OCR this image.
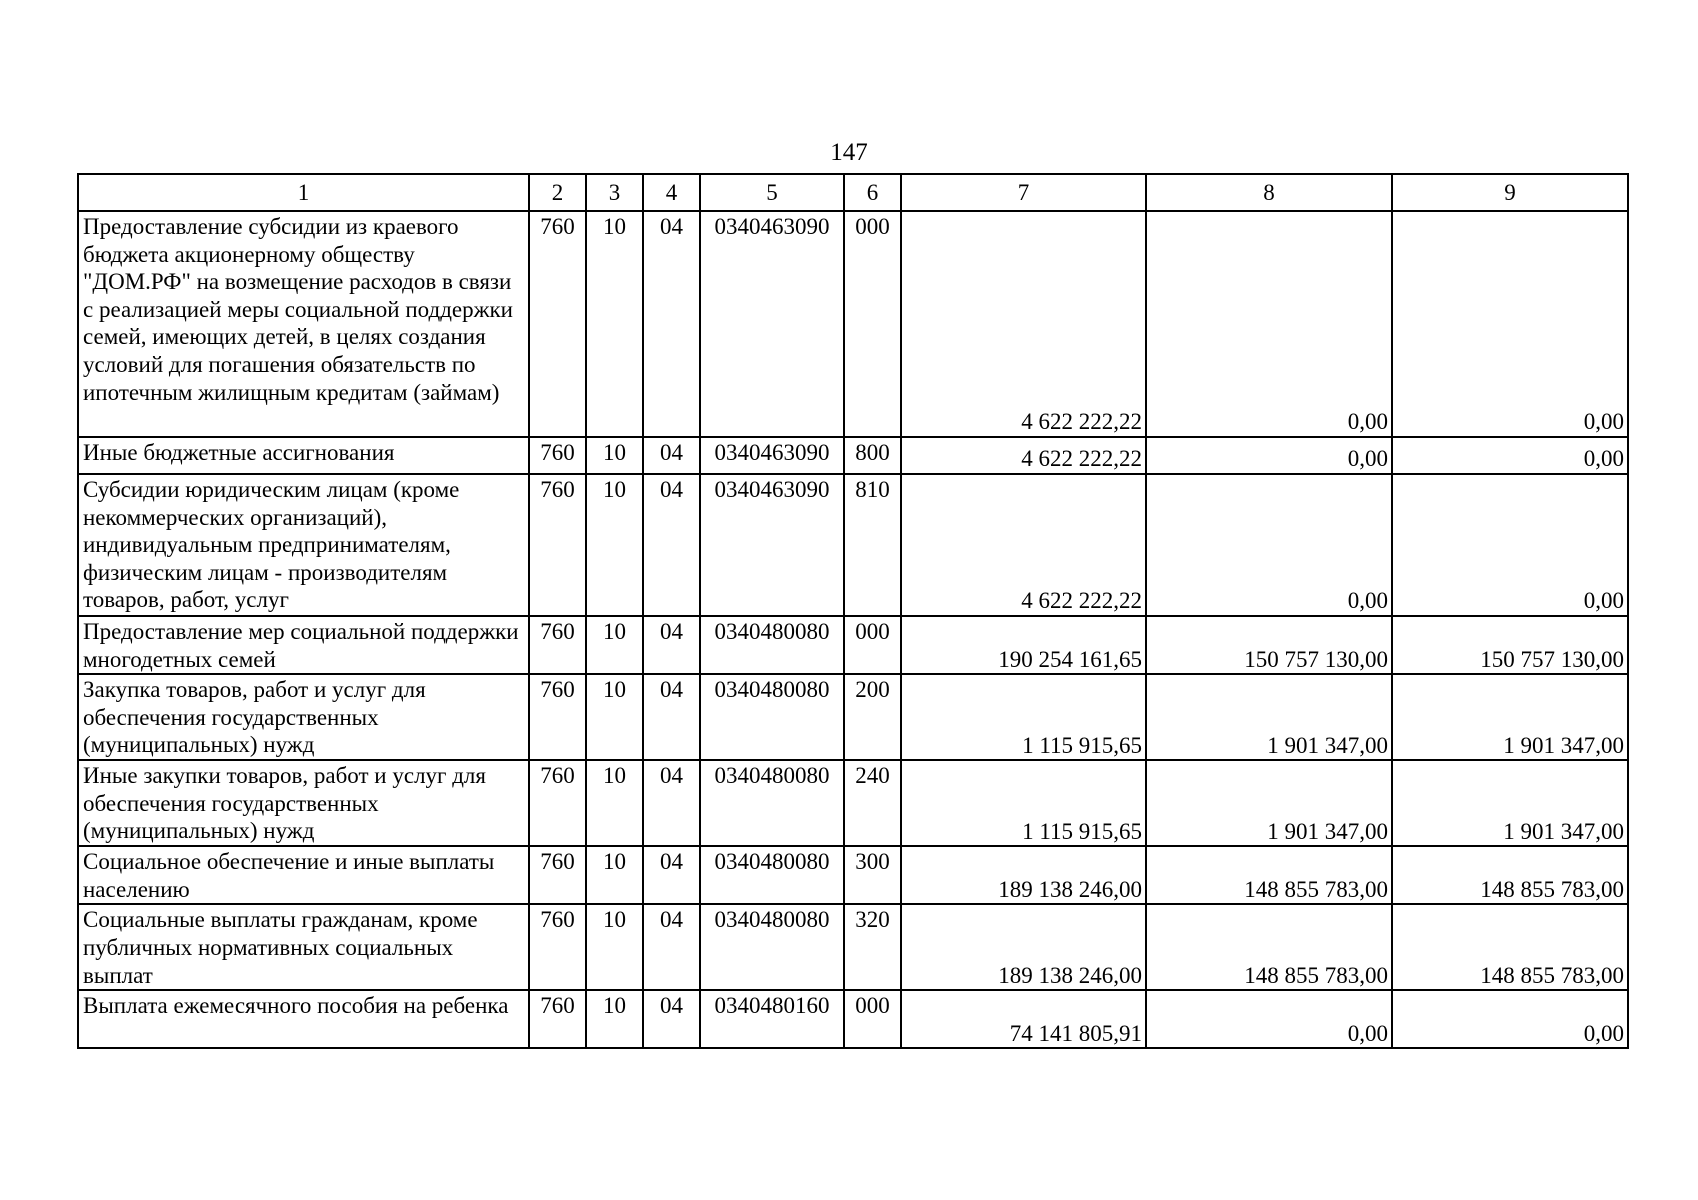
147
1	2	3	4	5	6	7	8	9
Предоставление субсидии из краевого бюджета акционерному обществу "ДОМ.РФ" на возмещение расходов в связи с реализацией меры социальной поддержки семей, имеющих детей, в целях создания условий для погашения обязательств по ипотечным жилищным кредитам (займам)	760	10	04	0340463090	000	4 622 222,22	0,00	0,00
Иные бюджетные ассигнования	760	10	04	0340463090	800	4 622 222,22	0,00	0,00
Субсидии юридическим лицам (кроме некоммерческих организаций), индивидуальным предпринимателям, физическим лицам - производителям товаров, работ, услуг	760	10	04	0340463090	810	4 622 222,22	0,00	0,00
Предоставление мер социальной поддержки многодетных семей	760	10	04	0340480080	000	190 254 161,65	150 757 130,00	150 757 130,00
Закупка товаров, работ и услуг для обеспечения государственных (муниципальных) нужд	760	10	04	0340480080	200	1 115 915,65	1 901 347,00	1 901 347,00
Иные закупки товаров, работ и услуг для обеспечения государственных (муниципальных) нужд	760	10	04	0340480080	240	1 115 915,65	1 901 347,00	1 901 347,00
Социальное обеспечение и иные выплаты населению	760	10	04	0340480080	300	189 138 246,00	148 855 783,00	148 855 783,00
Социальные выплаты гражданам, кроме публичных нормативных социальных выплат	760	10	04	0340480080	320	189 138 246,00	148 855 783,00	148 855 783,00
Выплата ежемесячного пособия на ребенка	760	10	04	0340480160	000	74 141 805,91	0,00	0,00
